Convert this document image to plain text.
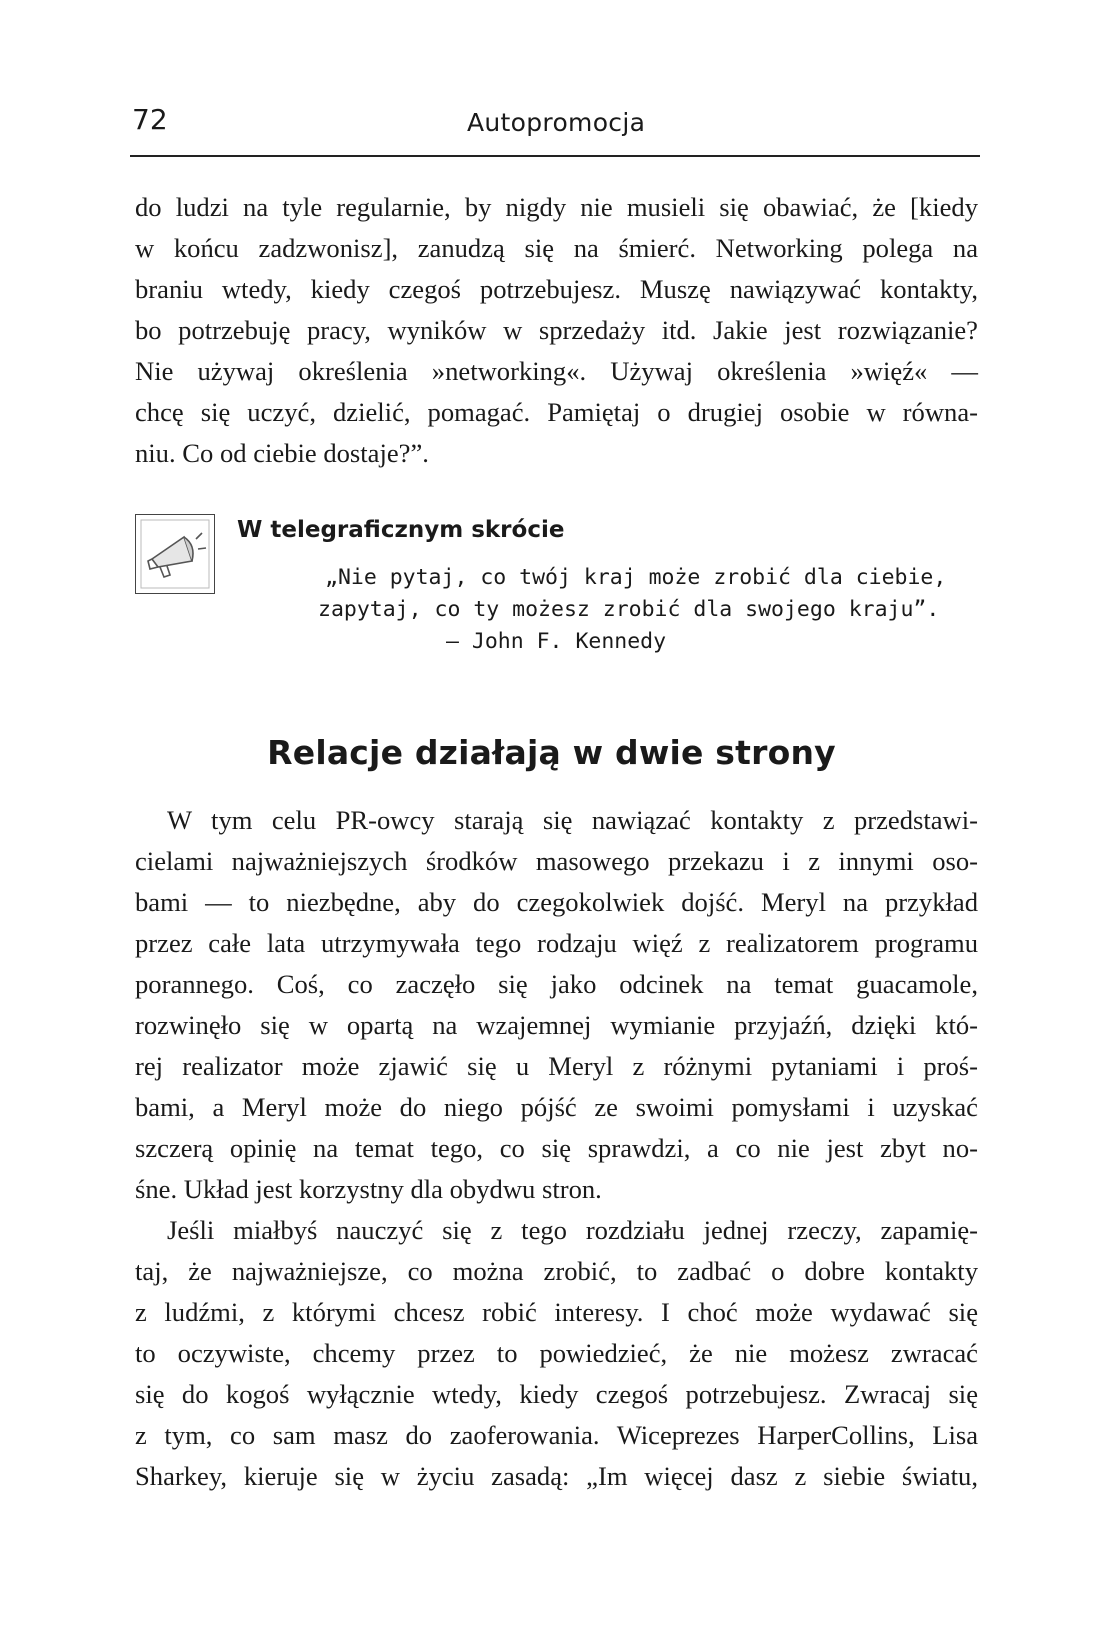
72	Autopromocja
do ludzi na tyle regularnie, by nigdy nie musieli się obawiać, że [kiedy
w końcu zadzwonisz], zanudzą się na śmierć. Networking polega na
braniu wtedy, kiedy czegoś potrzebujesz. Muszę nawiązywać kontakty,
bo potrzebuję pracy, wyników w sprzedaży itd. Jakie jest rozwiązanie?
Nie używaj określenia »networking«. Używaj określenia »więź« —
chcę się uczyć, dzielić, pomagać. Pamiętaj o drugiej osobie w równa-
niu. Co od ciebie dostaje?”.
W telegraficznym skrócie
„Nie pytaj, co twój kraj może zrobić dla ciebie,
zapytaj, co ty możesz zrobić dla swojego kraju”.
— John F. Kennedy
Relacje działają w dwie strony
W tym celu PR-owcy starają się nawiązać kontakty z przedstawi-
cielami najważniejszych środków masowego przekazu i z innymi oso-
bami — to niezbędne, aby do czegokolwiek dojść. Meryl na przykład
przez całe lata utrzymywała tego rodzaju więź z realizatorem programu
porannego. Coś, co zaczęło się jako odcinek na temat guacamole,
rozwinęło się w opartą na wzajemnej wymianie przyjaźń, dzięki któ-
rej realizator może zjawić się u Meryl z różnymi pytaniami i proś-
bami, a Meryl może do niego pójść ze swoimi pomysłami i uzyskać
szczerą opinię na temat tego, co się sprawdzi, a co nie jest zbyt no-
śne. Układ jest korzystny dla obydwu stron.
Jeśli miałbyś nauczyć się z tego rozdziału jednej rzeczy, zapamię-
taj, że najważniejsze, co można zrobić, to zadbać o dobre kontakty
z ludźmi, z którymi chcesz robić interesy. I choć może wydawać się
to oczywiste, chcemy przez to powiedzieć, że nie możesz zwracać
się do kogoś wyłącznie wtedy, kiedy czegoś potrzebujesz. Zwracaj się
z tym, co sam masz do zaoferowania. Wiceprezes HarperCollins, Lisa
Sharkey, kieruje się w życiu zasadą: „Im więcej dasz z siebie światu,
